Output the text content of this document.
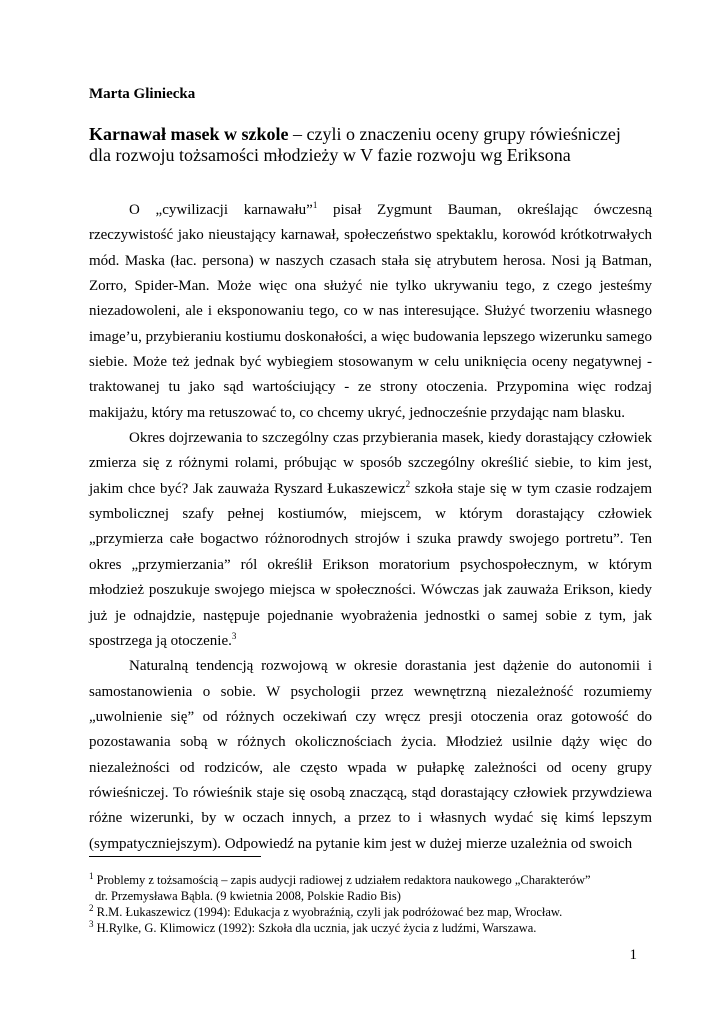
Marta Gliniecka
Karnawał masek w szkole – czyli o znaczeniu oceny grupy rówieśniczej
dla rozwoju tożsamości młodzieży w V fazie rozwoju wg Eriksona

O „cywilizacji karnawału”$^1$ pisał Zygmunt Bauman, określając ówczesną rzeczywistość jako nieustający karnawał, społeczeństwo spektaklu, korowód krótkotrwałych mód. Maska (łac. persona) w naszych czasach stała się atrybutem herosa. Nosi ją Batman, Zorro, Spider-Man. Może więc ona służyć nie tylko ukrywaniu tego, z czego jesteśmy niezadowoleni, ale i eksponowaniu tego, co w nas interesujące. Służyć tworzeniu własnego image’u, przybieraniu kostiumu doskonałości, a więc budowania lepszego wizerunku samego siebie. Może też jednak być wybiegiem stosowanym w celu uniknięcia oceny negatywnej - traktowanej tu jako sąd wartościujący - ze strony otoczenia. Przypomina więc rodzaj makijażu, który ma retuszować to, co chcemy ukryć, jednocześnie przydając nam blasku.

Okres dojrzewania to szczególny czas przybierania masek, kiedy dorastający człowiek zmierza się z różnymi rolami, próbując w sposób szczególny określić siebie, to kim jest, jakim chce być? Jak zauważa Ryszard Łukaszewicz$^2$ szkoła staje się w tym czasie rodzajem symbolicznej szafy pełnej kostiumów, miejscem, w którym dorastający człowiek „przymierza całe bogactwo różnorodnych strojów i szuka prawdy swojego portretu”. Ten okres „przymierzania” ról określił Erikson moratorium psychospołecznym, w którym młodzież poszukuje swojego miejsca w społeczności. Wówczas jak zauważa Erikson, kiedy już je odnajdzie, następuje pojednanie wyobrażenia jednostki o samej sobie z tym, jak spostrzega ją otoczenie.$^3$

Naturalną tendencją rozwojową w okresie dorastania jest dążenie do autonomii i samostanowienia o sobie. W psychologii przez wewnętrzną niezależność rozumiemy „uwolnienie się” od różnych oczekiwań czy wręcz presji otoczenia oraz gotowość do pozostawania sobą w różnych okolicznościach życia. Młodzież usilnie dąży więc do niezależności od rodziców, ale często wpada w pułapkę zależności od oceny grupy rówieśniczej. To rówieśnik staje się osobą znaczącą, stąd dorastający człowiek przywdziewa różne wizerunki, by w oczach innych, a przez to i własnych wydać się kimś lepszym (sympatyczniejszym). Odpowiedź na pytanie kim jest w dużej mierze uzależnia od swoich

$^1$ Problemy z tożsamością – zapis audycji radiowej z udziałem redaktora naukowego „Charakterów”
dr. Przemysława Bąbla. (9 kwietnia 2008, Polskie Radio Bis)

$^2$ R.M. Łukaszewicz (1994): Edukacja z wyobraźnią, czyli jak podróżować bez map, Wrocław.

$^3$ H.Rylke, G. Klimowicz (1992): Szkoła dla ucznia, jak uczyć życia z ludźmi, Warszawa.

1
